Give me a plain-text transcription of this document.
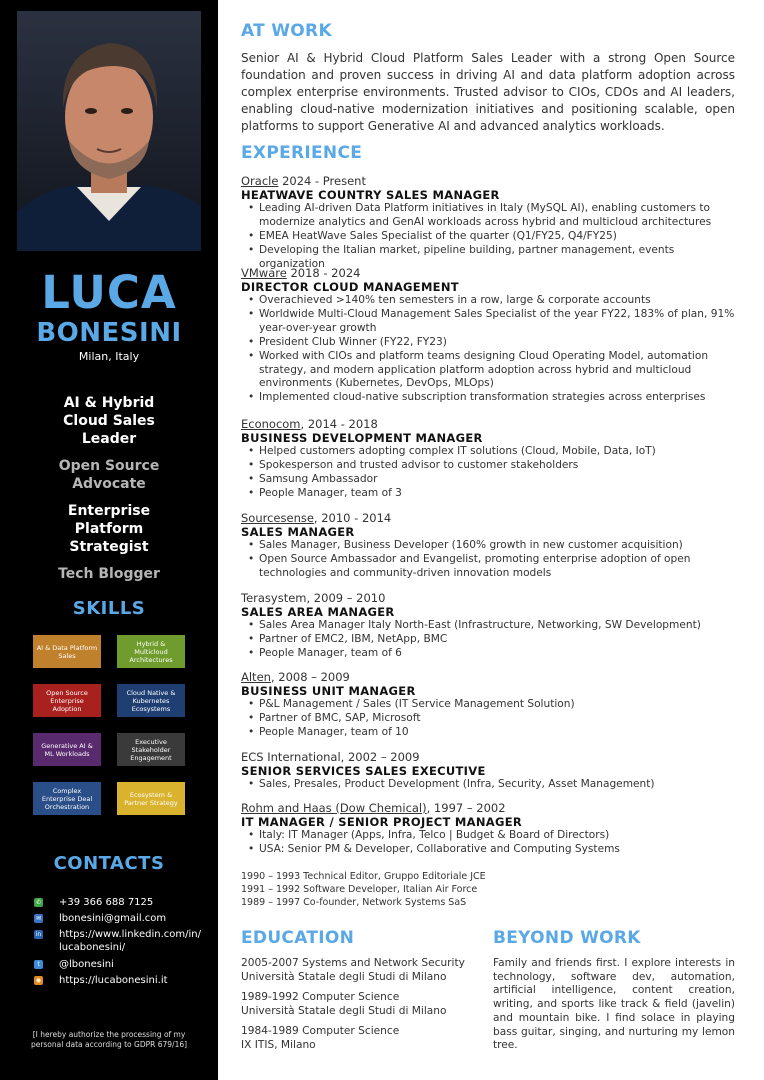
LUCA
BONESINI
Milan, Italy
AI & Hybrid Cloud Sales Leader
Open Source Advocate
Enterprise Platform Strategist
Tech Blogger
SKILLS
AI & Data Platform Sales
Hybrid & Multicloud Architectures
Open Source Enterprise Adoption
Cloud Native & Kubernetes Ecosystems
Generative AI & ML Workloads
Executive Stakeholder Engagement
Complex Enterprise Deal Orchestration
Ecosystem & Partner Strategy
CONTACTS
✆ +39 366 688 7125
✉ lbonesini@gmail.com
in https://www.linkedin.com/in/
lucabonesini/
t	@lbonesini
◉ https://lucabonesini.it
[I hereby authorize the processing of my personal data according to GDPR 679/16]
AT WORK

Senior AI & Hybrid Cloud Platform Sales Leader with a strong Open Source foundation and proven success in driving AI and data platform adoption across complex enterprise environments. Trusted advisor to CIOs, CDOs and AI leaders, enabling cloud-native modernization initiatives and positioning scalable, open platforms to support Generative AI and advanced analytics workloads.

EXPERIENCE
Oracle 2024 - Present
HEATWAVE COUNTRY SALES MANAGER
• Leading AI-driven Data Platform initiatives in Italy (MySQL AI), enabling customers to modernize analytics and GenAI workloads across hybrid and multicloud architectures
• EMEA HeatWave Sales Specialist of the quarter (Q1/FY25, Q4/FY25)
• Developing the Italian market, pipeline building, partner management, events organization
VMware 2018 - 2024
DIRECTOR CLOUD MANAGEMENT
• Overachieved >140% ten semesters in a row, large & corporate accounts
• Worldwide Multi-Cloud Management Sales Specialist of the year FY22, 183% of plan, 91% year-over-year growth
• President Club Winner (FY22, FY23)
• Worked with CIOs and platform teams designing Cloud Operating Model, automation strategy, and modern application platform adoption across hybrid and multicloud environments (Kubernetes, DevOps, MLOps)
• Implemented cloud-native subscription transformation strategies across enterprises
Econocom, 2014 - 2018
BUSINESS DEVELOPMENT MANAGER
• Helped customers adopting complex IT solutions (Cloud, Mobile, Data, IoT)
• Spokesperson and trusted advisor to customer stakeholders
• Samsung Ambassador
• People Manager, team of 3
Sourcesense, 2010 - 2014
SALES MANAGER
• Sales Manager, Business Developer (160% growth in new customer acquisition)
• Open Source Ambassador and Evangelist, promoting enterprise adoption of open technologies and community-driven innovation models
Terasystem, 2009 – 2010
SALES AREA MANAGER
• Sales Area Manager Italy North-East (Infrastructure, Networking, SW Development)
• Partner of EMC2, IBM, NetApp, BMC
• People Manager, team of 6
Alten, 2008 – 2009
BUSINESS UNIT MANAGER
• P&L Management / Sales (IT Service Management Solution)
• Partner of BMC, SAP, Microsoft
• People Manager, team of 10
ECS International, 2002 – 2009
SENIOR SERVICES SALES EXECUTIVE
• Sales, Presales, Product Development (Infra, Security, Asset Management)
Rohm and Haas (Dow Chemical), 1997 – 2002
IT MANAGER / SENIOR PROJECT MANAGER
• Italy: IT Manager (Apps, Infra, Telco | Budget & Board of Directors)
• USA: Senior PM & Developer, Collaborative and Computing Systems
1990 – 1993 Technical Editor, Gruppo Editoriale JCE
1991 – 1992 Software Developer, Italian Air Force
1989 – 1997 Co-founder, Network Systems SaS
EDUCATION
2005-2007 Systems and Network Security
Università Statale degli Studi di Milano
1989-1992 Computer Science
Università Statale degli Studi di Milano
1984-1989 Computer Science
IX ITIS, Milano
BEYOND WORK

Family and friends first. I explore interests in technology, software dev, automation, artificial intelligence, content creation, writing, and sports like track & field (javelin) and mountain bike. I find solace in playing bass guitar, singing, and nurturing my lemon tree.
